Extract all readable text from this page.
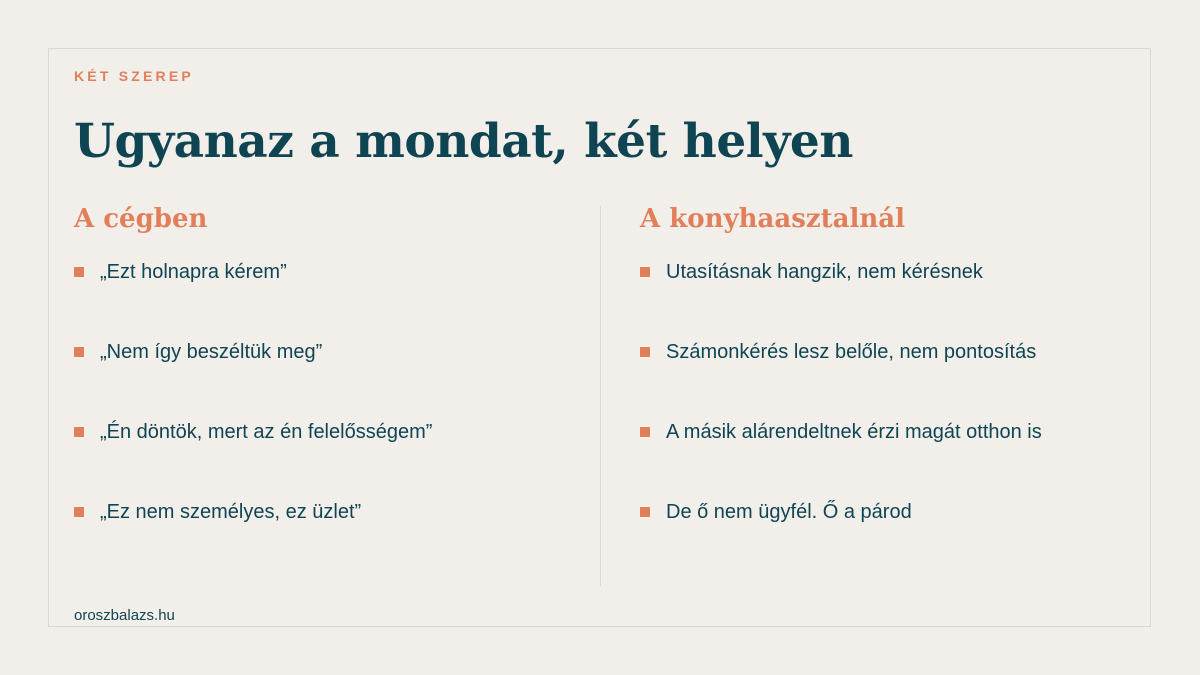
KÉT SZEREP
Ugyanaz a mondat, két helyen
A cégben
„Ezt holnapra kérem”
„Nem így beszéltük meg”
„Én döntök, mert az én felelősségem”
„Ez nem személyes, ez üzlet”
A konyhaasztalnál
Utasításnak hangzik, nem kérésnek
Számonkérés lesz belőle, nem pontosítás
A másik alárendeltnek érzi magát otthon is
De ő nem ügyfél. Ő a párod
oroszbalazs.hu
